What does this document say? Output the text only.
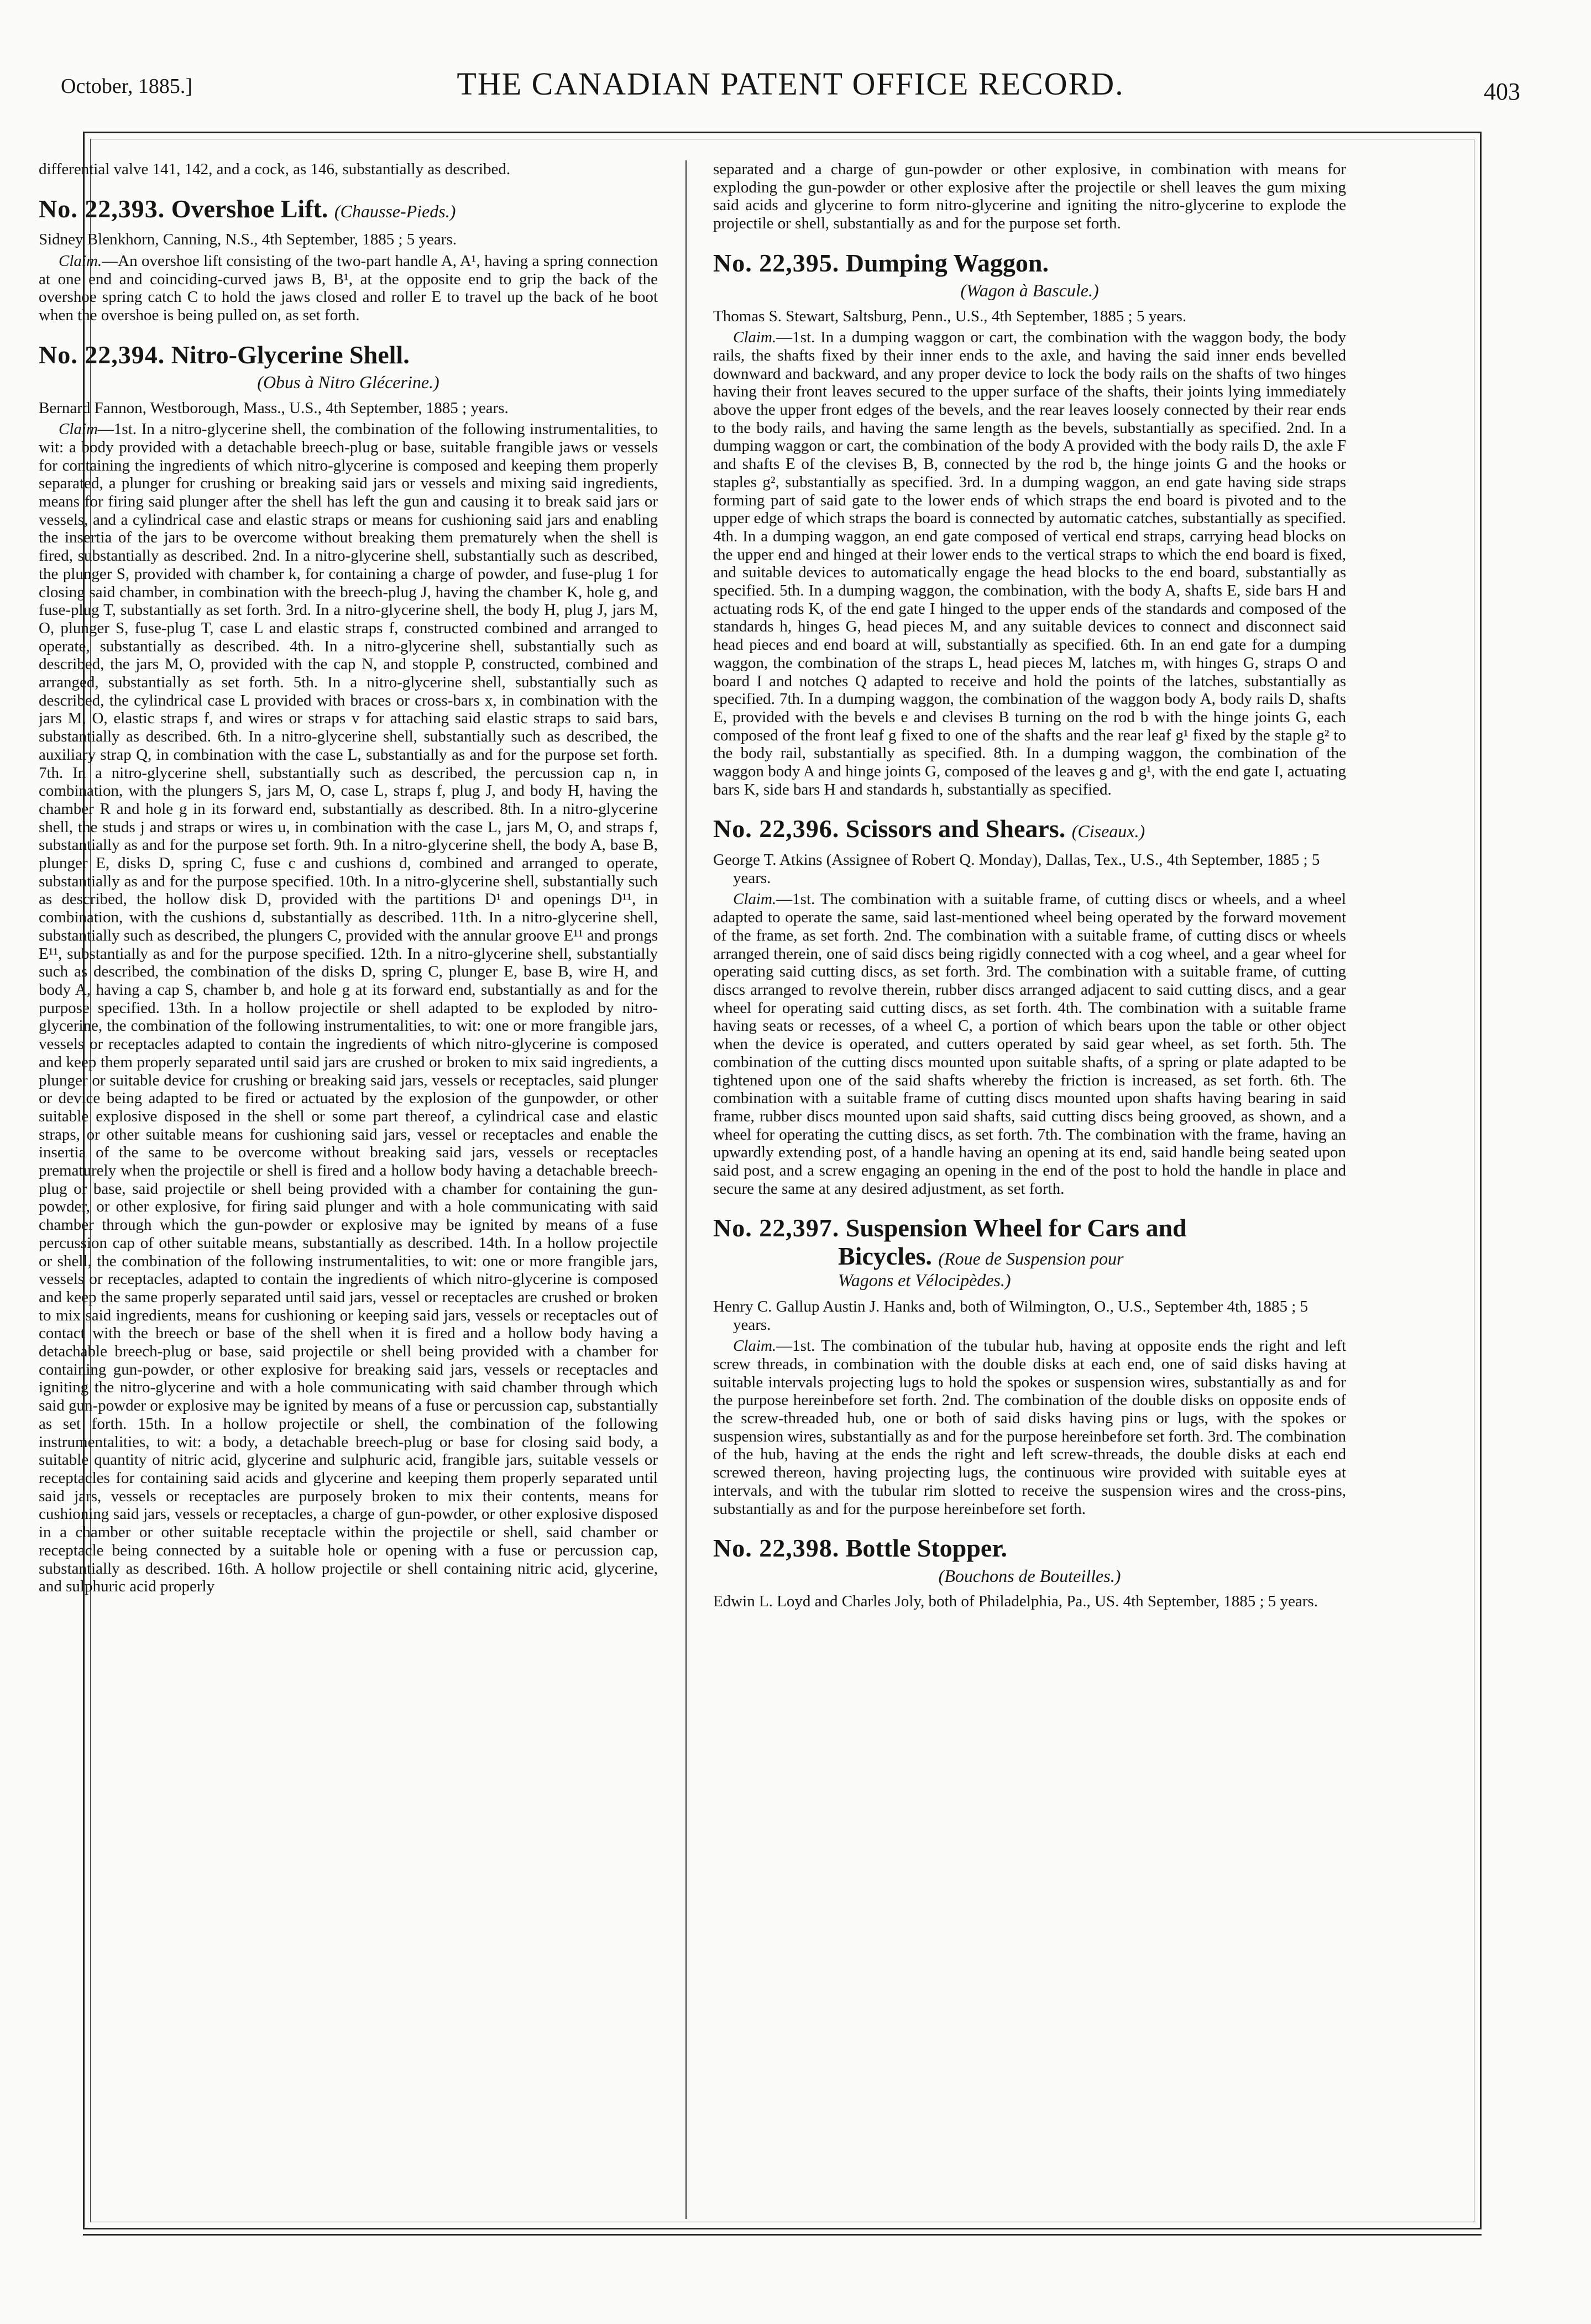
October, 1885.]	THE CANADIAN PATENT OFFICE RECORD.	403

differential valve 141, 142, and a cock, as 146, substantially as described.

No. 22,393. Overshoe Lift. (Chausse-Pieds.)

Sidney Blenkhorn, Canning, N.S., 4th September, 1885 ; 5 years.

Claim.—An overshoe lift consisting of the two-part handle A, A¹, having a spring connection at one end and coinciding-curved jaws B, B¹, at the opposite end to grip the back of the overshoe spring catch C to hold the jaws closed and roller E to travel up the back of he boot when the overshoe is being pulled on, as set forth.

No. 22,394. Nitro-Glycerine Shell.
(Obus à Nitro Glécerine.)

Bernard Fannon, Westborough, Mass., U.S., 4th September, 1885 ; years.

Claim—1st. In a nitro-glycerine shell, the combination of the following instrumentalities, to wit: a body provided with a detachable breech-plug or base, suitable frangible jaws or vessels for containing the ingredients of which nitro-glycerine is composed and keeping them properly separated, a plunger for crushing or breaking said jars or vessels and mixing said ingredients, means for firing said plunger after the shell has left the gun and causing it to break said jars or vessels, and a cylindrical case and elastic straps or means for cushioning said jars and enabling the insertia of the jars to be overcome without breaking them prematurely when the shell is fired, substantially as described. 2nd. In a nitro-glycerine shell, substantially such as described, the plunger S, provided with chamber k, for containing a charge of powder, and fuse-plug 1 for closing said chamber, in combination with the breech-plug J, having the chamber K, hole g, and fuse-plug T, substantially as set forth. 3rd. In a nitro-glycerine shell, the body H, plug J, jars M, O, plunger S, fuse-plug T, case L and elastic straps f, constructed combined and arranged to operate, substantially as described. 4th. In a nitro-glycerine shell, substantially such as described, the jars M, O, provided with the cap N, and stopple P, constructed, combined and arranged, substantially as set forth. 5th. In a nitro-glycerine shell, substantially such as described, the cylindrical case L provided with braces or cross-bars x, in combination with the jars M, O, elastic straps f, and wires or straps v for attaching said elastic straps to said bars, substantially as described. 6th. In a nitro-glycerine shell, substantially such as described, the auxiliary strap Q, in combination with the case L, substantially as and for the purpose set forth. 7th. In a nitro-glycerine shell, substantially such as described, the percussion cap n, in combination, with the plungers S, jars M, O, case L, straps f, plug J, and body H, having the chamber R and hole g in its forward end, substantially as described. 8th. In a nitro-glycerine shell, the studs j and straps or wires u, in combination with the case L, jars M, O, and straps f, substantially as and for the purpose set forth. 9th. In a nitro-glycerine shell, the body A, base B, plunger E, disks D, spring C, fuse c and cushions d, combined and arranged to operate, substantially as and for the purpose specified. 10th. In a nitro-glycerine shell, substantially such as described, the hollow disk D, provided with the partitions D¹ and openings D¹¹, in combination, with the cushions d, substantially as described. 11th. In a nitro-glycerine shell, substantially such as described, the plungers C, provided with the annular groove E¹¹ and prongs E¹¹, substantially as and for the purpose specified. 12th. In a nitro-glycerine shell, substantially such as described, the combination of the disks D, spring C, plunger E, base B, wire H, and body A, having a cap S, chamber b, and hole g at its forward end, substantially as and for the purpose specified. 13th. In a hollow projectile or shell adapted to be exploded by nitro-glycerine, the combination of the following instrumentalities, to wit: one or more frangible jars, vessels or receptacles adapted to contain the ingredients of which nitro-glycerine is composed and keep them properly separated until said jars are crushed or broken to mix said ingredients, a plunger or suitable device for crushing or breaking said jars, vessels or receptacles, said plunger or device being adapted to be fired or actuated by the explosion of the gunpowder, or other suitable explosive disposed in the shell or some part thereof, a cylindrical case and elastic straps, or other suitable means for cushioning said jars, vessel or receptacles and enable the insertia of the same to be overcome without breaking said jars, vessels or receptacles prematurely when the projectile or shell is fired and a hollow body having a detachable breech-plug or base, said projectile or shell being provided with a chamber for containing the gun-powder, or other explosive, for firing said plunger and with a hole communicating with said chamber through which the gun-powder or explosive may be ignited by means of a fuse percussion cap of other suitable means, substantially as described. 14th. In a hollow projectile or shell, the combination of the following instrumentalities, to wit: one or more frangible jars, vessels or receptacles, adapted to contain the ingredients of which nitro-glycerine is composed and keep the same properly separated until said jars, vessel or receptacles are crushed or broken to mix said ingredients, means for cushioning or keeping said jars, vessels or receptacles out of contact with the breech or base of the shell when it is fired and a hollow body having a detachable breech-plug or base, said projectile or shell being provided with a chamber for containing gun-powder, or other explosive for breaking said jars, vessels or receptacles and igniting the nitro-glycerine and with a hole communicating with said chamber through which said gun-powder or explosive may be ignited by means of a fuse or percussion cap, substantially as set forth. 15th. In a hollow projectile or shell, the combination of the following instrumentalities, to wit: a body, a detachable breech-plug or base for closing said body, a suitable quantity of nitric acid, glycerine and sulphuric acid, frangible jars, suitable vessels or receptacles for containing said acids and glycerine and keeping them properly separated until said jars, vessels or receptacles are purposely broken to mix their contents, means for cushioning said jars, vessels or receptacles, a charge of gun-powder, or other explosive disposed in a chamber or other suitable receptacle within the projectile or shell, said chamber or receptacle being connected by a suitable hole or opening with a fuse or percussion cap, substantially as described. 16th. A hollow projectile or shell containing nitric acid, glycerine, and sulphuric acid properly

separated and a charge of gun-powder or other explosive, in combination with means for exploding the gun-powder or other explosive after the projectile or shell leaves the gum mixing said acids and glycerine to form nitro-glycerine and igniting the nitro-glycerine to explode the projectile or shell, substantially as and for the purpose set forth.

No. 22,395. Dumping Waggon.
(Wagon à Bascule.)

Thomas S. Stewart, Saltsburg, Penn., U.S., 4th September, 1885 ; 5 years.

Claim.—1st. In a dumping waggon or cart, the combination with the waggon body, the body rails, the shafts fixed by their inner ends to the axle, and having the said inner ends bevelled downward and backward, and any proper device to lock the body rails on the shafts of two hinges having their front leaves secured to the upper surface of the shafts, their joints lying immediately above the upper front edges of the bevels, and the rear leaves loosely connected by their rear ends to the body rails, and having the same length as the bevels, substantially as specified. 2nd. In a dumping waggon or cart, the combination of the body A provided with the body rails D, the axle F and shafts E of the clevises B, B, connected by the rod b, the hinge joints G and the hooks or staples g², substantially as specified. 3rd. In a dumping waggon, an end gate having side straps forming part of said gate to the lower ends of which straps the end board is pivoted and to the upper edge of which straps the board is connected by automatic catches, substantially as specified. 4th. In a dumping waggon, an end gate composed of vertical end straps, carrying head blocks on the upper end and hinged at their lower ends to the vertical straps to which the end board is fixed, and suitable devices to automatically engage the head blocks to the end board, substantially as specified. 5th. In a dumping waggon, the combination, with the body A, shafts E, side bars H and actuating rods K, of the end gate I hinged to the upper ends of the standards and composed of the standards h, hinges G, head pieces M, and any suitable devices to connect and disconnect said head pieces and end board at will, substantially as specified. 6th. In an end gate for a dumping waggon, the combination of the straps L, head pieces M, latches m, with hinges G, straps O and board I and notches Q adapted to receive and hold the points of the latches, substantially as specified. 7th. In a dumping waggon, the combination of the waggon body A, body rails D, shafts E, provided with the bevels e and clevises B turning on the rod b with the hinge joints G, each composed of the front leaf g fixed to one of the shafts and the rear leaf g¹ fixed by the staple g² to the body rail, substantially as specified. 8th. In a dumping waggon, the combination of the waggon body A and hinge joints G, composed of the leaves g and g¹, with the end gate I, actuating bars K, side bars H and standards h, substantially as specified.

No. 22,396. Scissors and Shears. (Ciseaux.)

George T. Atkins (Assignee of Robert Q. Monday), Dallas, Tex., U.S., 4th September, 1885 ; 5 years.

Claim.—1st. The combination with a suitable frame, of cutting discs or wheels, and a wheel adapted to operate the same, said last-mentioned wheel being operated by the forward movement of the frame, as set forth. 2nd. The combination with a suitable frame, of cutting discs or wheels arranged therein, one of said discs being rigidly connected with a cog wheel, and a gear wheel for operating said cutting discs, as set forth. 3rd. The combination with a suitable frame, of cutting discs arranged to revolve therein, rubber discs arranged adjacent to said cutting discs, and a gear wheel for operating said cutting discs, as set forth. 4th. The combination with a suitable frame having seats or recesses, of a wheel C, a portion of which bears upon the table or other object when the device is operated, and cutters operated by said gear wheel, as set forth. 5th. The combination of the cutting discs mounted upon suitable shafts, of a spring or plate adapted to be tightened upon one of the said shafts whereby the friction is increased, as set forth. 6th. The combination with a suitable frame of cutting discs mounted upon shafts having bearing in said frame, rubber discs mounted upon said shafts, said cutting discs being grooved, as shown, and a wheel for operating the cutting discs, as set forth. 7th. The combination with the frame, having an upwardly extending post, of a handle having an opening at its end, said handle being seated upon said post, and a screw engaging an opening in the end of the post to hold the handle in place and secure the same at any desired adjustment, as set forth.

No. 22,397. Suspension Wheel for Cars and
Bicycles. (Roue de Suspension pour
Wagons et Vélocipèdes.)

Henry C. Gallup Austin J. Hanks and, both of Wilmington, O., U.S., September 4th, 1885 ; 5 years.

Claim.—1st. The combination of the tubular hub, having at opposite ends the right and left screw threads, in combination with the double disks at each end, one of said disks having at suitable intervals projecting lugs to hold the spokes or suspension wires, substantially as and for the purpose hereinbefore set forth. 2nd. The combination of the double disks on opposite ends of the screw-threaded hub, one or both of said disks having pins or lugs, with the spokes or suspension wires, substantially as and for the purpose hereinbefore set forth. 3rd. The combination of the hub, having at the ends the right and left screw-threads, the double disks at each end screwed thereon, having projecting lugs, the continuous wire provided with suitable eyes at intervals, and with the tubular rim slotted to receive the suspension wires and the cross-pins, substantially as and for the purpose hereinbefore set forth.

No. 22,398. Bottle Stopper.
(Bouchons de Bouteilles.)

Edwin L. Loyd and Charles Joly, both of Philadelphia, Pa., US. 4th September, 1885 ; 5 years.
